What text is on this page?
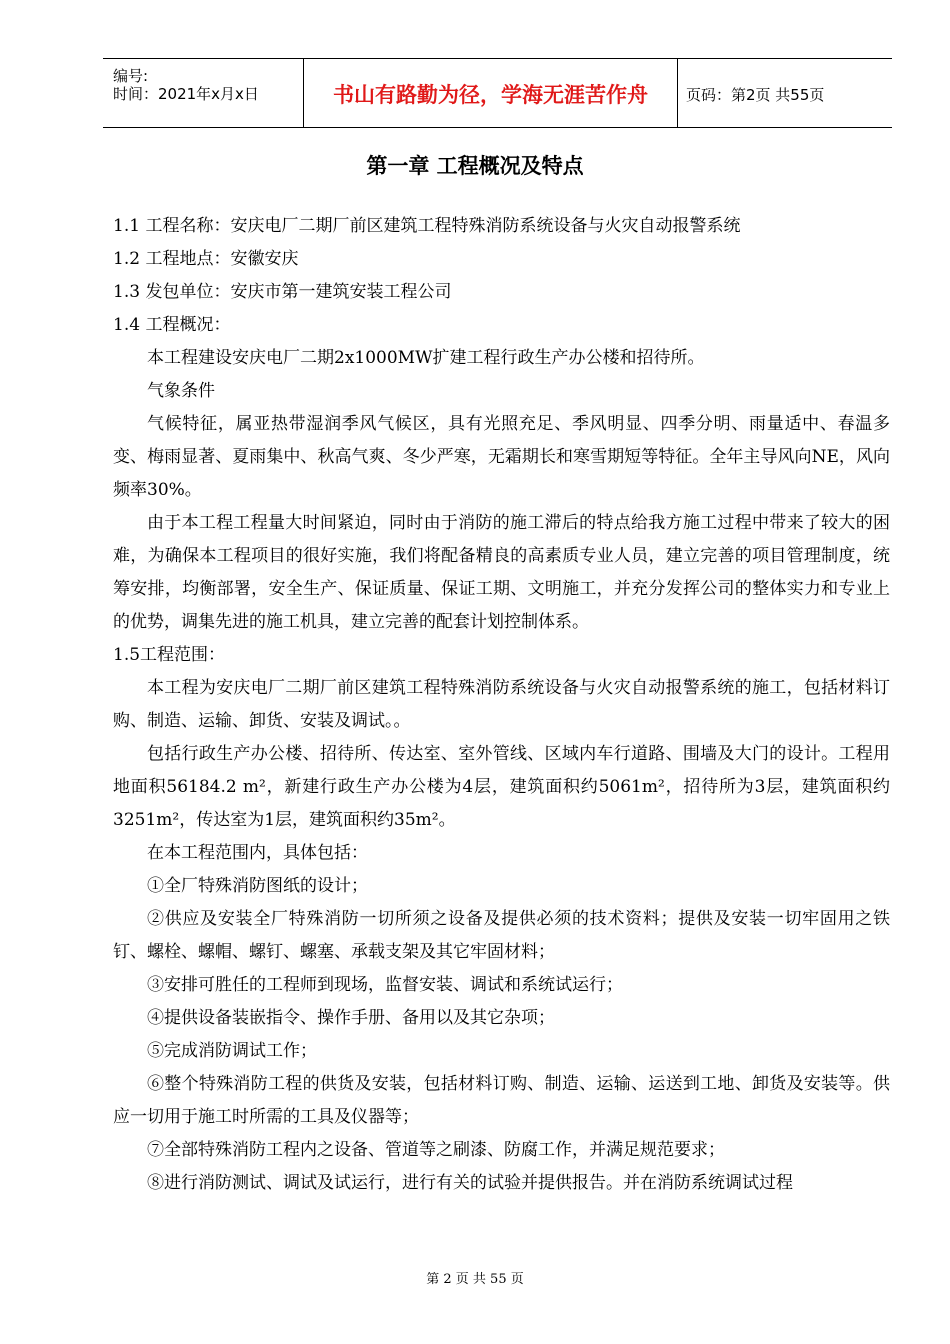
编号:
时间：2021年x月x日	书山有路勤为径，学海无涯苦作舟	页码：第2页 共55页
第一章 工程概况及特点

1.1 工程名称：安庆电厂二期厂前区建筑工程特殊消防系统设备与火灾自动报警系统

1.2 工程地点：安徽安庆

1.3 发包单位：安庆市第一建筑安装工程公司

1.4 工程概况：

本工程建设安庆电厂二期2x1000MW扩建工程行政生产办公楼和招待所。

气象条件

气候特征，属亚热带湿润季风气候区，具有光照充足、季风明显、四季分明、雨量适中、春温多变、梅雨显著、夏雨集中、秋高气爽、冬少严寒，无霜期长和寒雪期短等特征。全年主导风向NE，风向频率30%。

由于本工程工程量大时间紧迫，同时由于消防的施工滞后的特点给我方施工过程中带来了较大的困难，为确保本工程项目的很好实施，我们将配备精良的高素质专业人员，建立完善的项目管理制度，统筹安排，均衡部署，安全生产、保证质量、保证工期、文明施工，并充分发挥公司的整体实力和专业上的优势，调集先进的施工机具，建立完善的配套计划控制体系。

1.5工程范围：

本工程为安庆电厂二期厂前区建筑工程特殊消防系统设备与火灾自动报警系统的施工，包括材料订购、制造、运输、卸货、安装及调试。。

包括行政生产办公楼、招待所、传达室、室外管线、区域内车行道路、围墙及大门的设计。工程用地面积56184.2 m²，新建行政生产办公楼为4层，建筑面积约5061m²，招待所为3层，建筑面积约3251m²，传达室为1层，建筑面积约35m²。

在本工程范围内，具体包括：

①全厂特殊消防图纸的设计；

②供应及安装全厂特殊消防一切所须之设备及提供必须的技术资料；提供及安装一切牢固用之铁钉、螺栓、螺帽、螺钉、螺塞、承载支架及其它牢固材料；

③安排可胜任的工程师到现场，监督安装、调试和系统试运行；

④提供设备装嵌指令、操作手册、备用以及其它杂项；

⑤完成消防调试工作；

⑥整个特殊消防工程的供货及安装，包括材料订购、制造、运输、运送到工地、卸货及安装等。供应一切用于施工时所需的工具及仪器等；

⑦全部特殊消防工程内之设备、管道等之刷漆、防腐工作，并满足规范要求；

⑧进行消防测试、调试及试运行，进行有关的试验并提供报告。并在消防系统调试过程

第 2 页 共 55 页
